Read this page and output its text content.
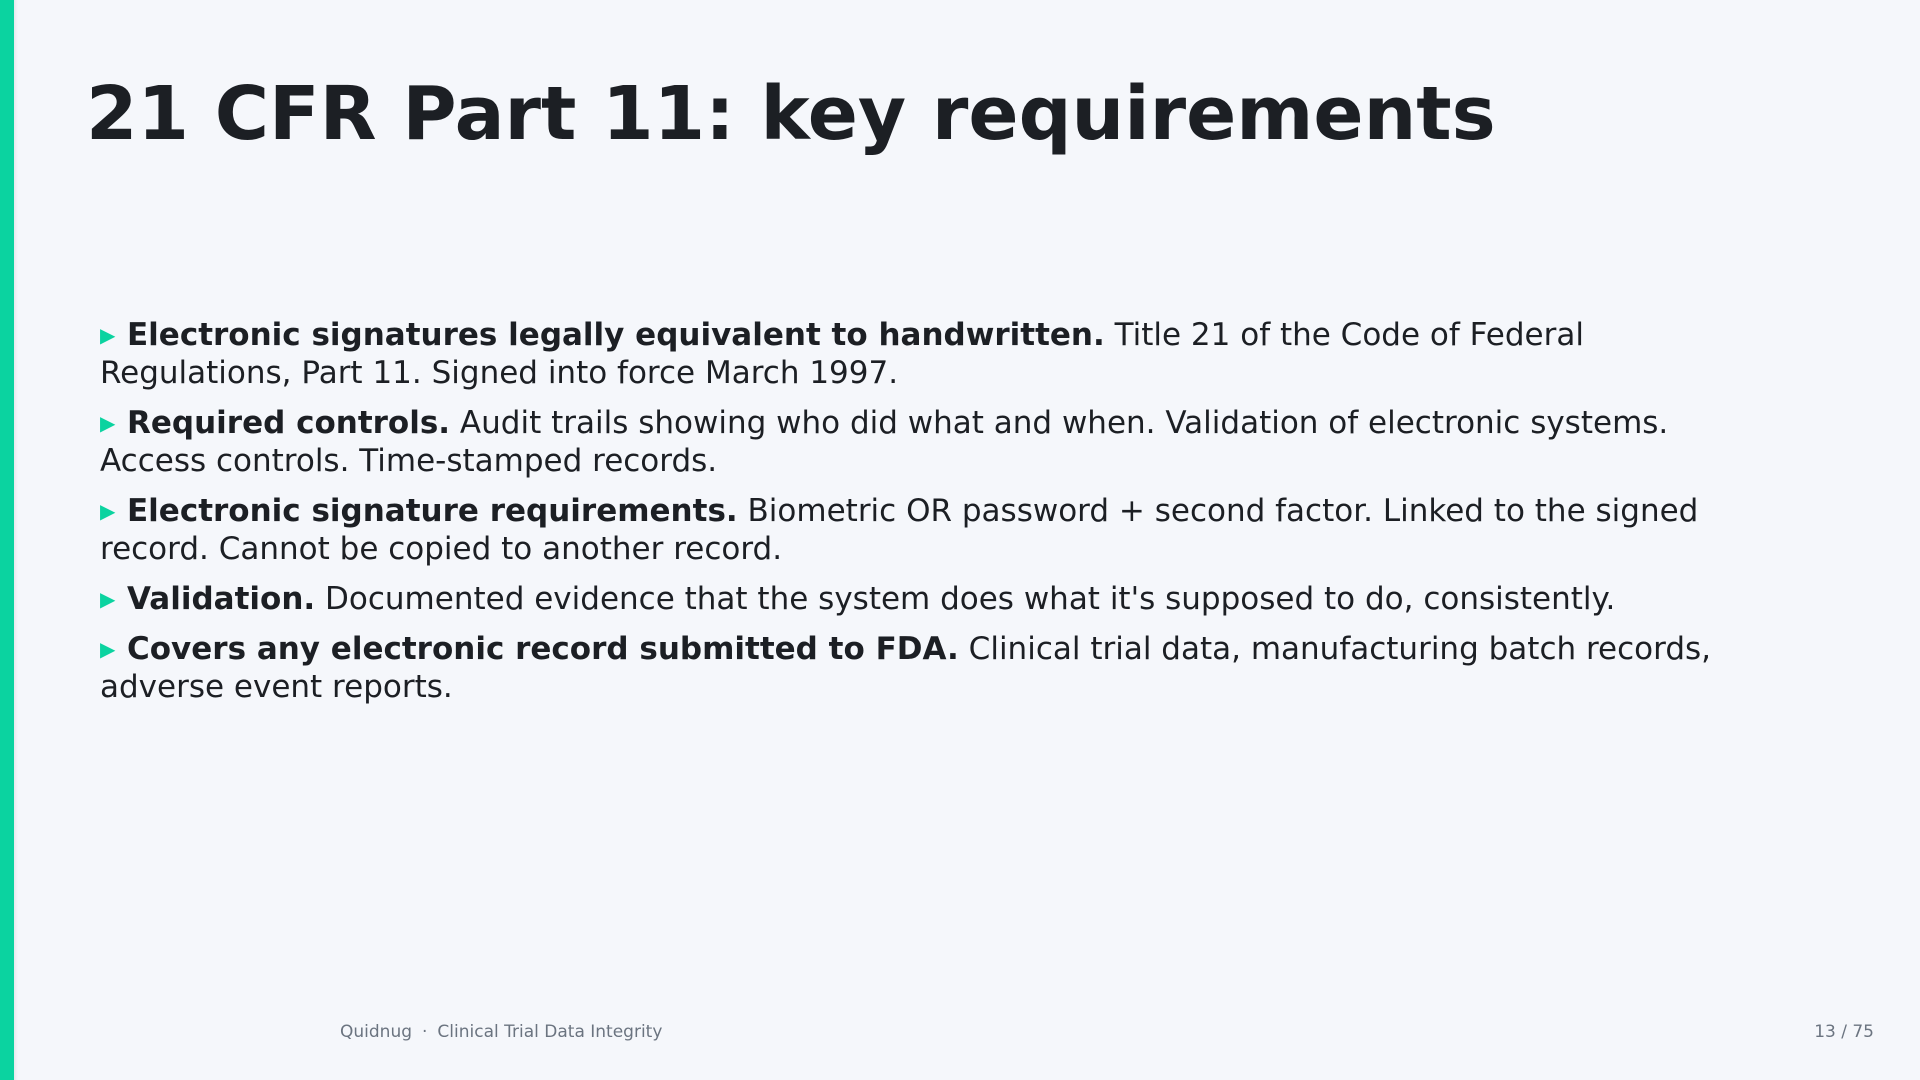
21 CFR Part 11: key requirements
▶ Electronic signatures legally equivalent to handwritten. Title 21 of the Code of Federal Regulations, Part 11. Signed into force March 1997.
▶ Required controls. Audit trails showing who did what and when. Validation of electronic systems. Access controls. Time-stamped records.
▶ Electronic signature requirements. Biometric OR password + second factor. Linked to the signed record. Cannot be copied to another record.
▶ Validation. Documented evidence that the system does what it's supposed to do, consistently.
▶ Covers any electronic record submitted to FDA. Clinical trial data, manufacturing batch records, adverse event reports.
Quidnug · Clinical Trial Data Integrity	13 / 75
